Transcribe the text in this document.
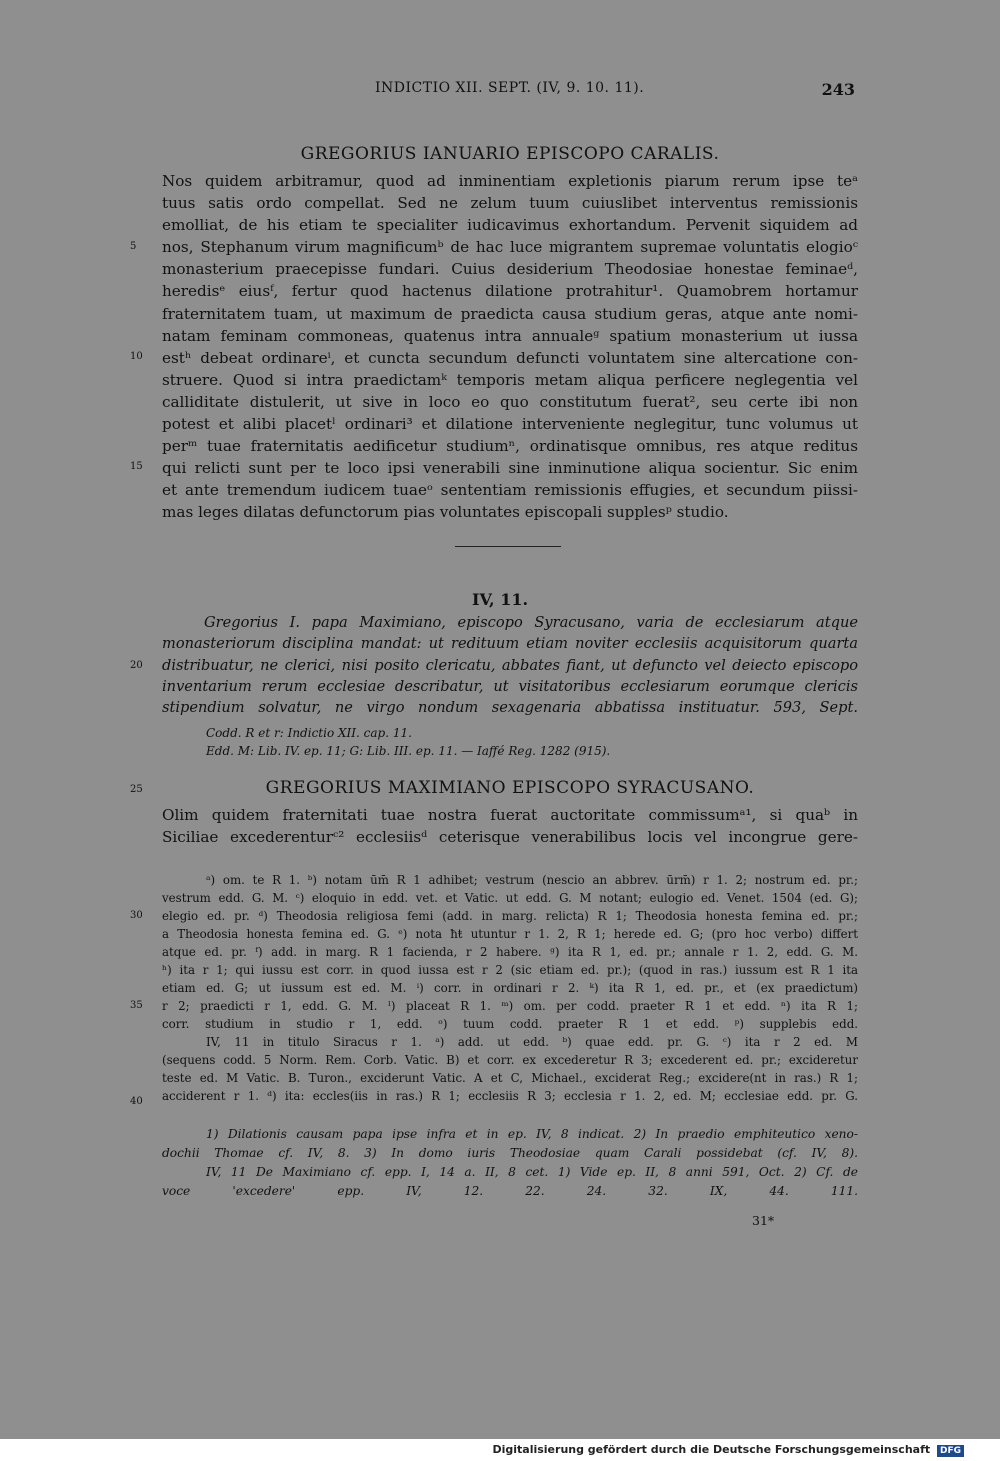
INDICTIO XII. SEPT. (IV, 9. 10. 11).	243
GREGORIUS IANUARIO EPISCOPO CARALIS.
Nos quidem arbitramur, quod ad inminentiam expletionis piarum rerum ipse teᵃ
tuus satis ordo compellat. Sed ne zelum tuum cuiuslibet interventus remissionis
emolliat, de his etiam te specialiter iudicavimus exhortandum. Pervenit siquidem ad
nos, Stephanum virum magnificumᵇ de hac luce migrantem supremae voluntatis elogioᶜ
monasterium praecepisse fundari. Cuius desiderium Theodosiae honestae feminaeᵈ,
heredisᵉ eiusᶠ, fertur quod hactenus dilatione protrahitur¹. Quamobrem hortamur
fraternitatem tuam, ut maximum de praedicta causa studium geras, atque ante nomi-
natam feminam commoneas, quatenus intra annualeᵍ spatium monasterium ut iussa
estʰ debeat ordinareⁱ, et cuncta secundum defuncti voluntatem sine altercatione con-
struere. Quod si intra praedictamᵏ temporis metam aliqua perficere neglegentia vel
calliditate distulerit, ut sive in loco eo quo constitutum fuerat², seu certe ibi non
potest et alibi placetˡ ordinari³ et dilatione interveniente neglegitur, tunc volumus ut
perᵐ tuae fraternitatis aedificetur studiumⁿ, ordinatisque omnibus, res atque reditus
qui relicti sunt per te loco ipsi venerabili sine inminutione aliqua socientur. Sic enim
et ante tremendum iudicem tuaeᵒ sententiam remissionis effugies, et secundum piissi-
mas leges dilatas defunctorum pias voluntates episcopali supplesᵖ studio.
5
10
15
IV, 11.
Gregorius I. papa Maximiano, episcopo Syracusano, varia de ecclesiarum atque
monasteriorum disciplina mandat: ut redituum etiam noviter ecclesiis acquisitorum quarta
distribuatur, ne clerici, nisi posito clericatu, abbates fiant, ut defuncto vel deiecto episcopo
inventarium rerum ecclesiae describatur, ut visitatoribus ecclesiarum eorumque clericis
stipendium solvatur, ne virgo nondum sexagenaria abbatissa instituatur. 593, Sept.
Codd. R et r: Indictio XII. cap. 11.
Edd. M: Lib. IV. ep. 11; G: Lib. III. ep. 11. — Iaffé Reg. 1282 (915).
20
25	GREGORIUS MAXIMIANO EPISCOPO SYRACUSANO.
Olim quidem fraternitati tuae nostra fuerat auctoritate commissumᵃ¹, si quaᵇ in
Siciliae excederenturᶜ² ecclesiisᵈ ceterisque venerabilibus locis vel incongrue gere-
ᵃ) om. te R 1. ᵇ) notam ūm̄ R 1 adhibet; vestrum (nescio an abbrev. ūrm̄) r 1. 2; nostrum ed. pr.;
vestrum edd. G. M. ᶜ) eloquio in edd. vet. et Vatic. ut edd. G. M notant; eulogio ed. Venet. 1504 (ed. G);
elegio ed. pr. ᵈ) Theodosia religiosa femi (add. in marg. relicta) R 1; Theodosia honesta femina ed. pr.;
a Theodosia honesta femina ed. G. ᵉ) nota ħŧ utuntur r 1. 2, R 1; herede ed. G; (pro hoc verbo) differt
atque ed. pr. ᶠ) add. in marg. R 1 facienda, r 2 habere. ᵍ) ita R 1, ed. pr.; annale r 1. 2, edd. G. M.
ʰ) ita r 1; qui iussu est corr. in quod iussa est r 2 (sic etiam ed. pr.); (quod in ras.) iussum est R 1 ita
etiam ed. G; ut iussum est ed. M. ⁱ) corr. in ordinari r 2. ᵏ) ita R 1, ed. pr., et (ex praedictum)
r 2; praedicti r 1, edd. G. M. ˡ) placeat R 1. ᵐ) om. per codd. praeter R 1 et edd. ⁿ) ita R 1;
corr. studium in studio r 1, edd. ᵒ) tuum codd. praeter R 1 et edd. ᵖ) supplebis edd.
IV, 11 in titulo Siracus r 1. ᵃ) add. ut edd. ᵇ) quae edd. pr. G. ᶜ) ita r 2 ed. M
(sequens codd. 5 Norm. Rem. Corb. Vatic. B) et corr. ex excederetur R 3; excederent ed. pr.; excideretur
teste ed. M Vatic. B. Turon., exciderunt Vatic. A et C, Michael., exciderat Reg.; excidere(nt in ras.) R 1;
acciderent r 1. ᵈ) ita: eccles(iis in ras.) R 1; ecclesiis R 3; ecclesia r 1. 2, ed. M; ecclesiae edd. pr. G.
30
35
40
1) Dilationis causam papa ipse infra et in ep. IV, 8 indicat. 2) In praedio emphiteutico xeno-
dochii Thomae cf. IV, 8. 3) In domo iuris Theodosiae quam Carali possidebat (cf. IV, 8).
IV, 11 De Maximiano cf. epp. I, 14 a. II, 8 cet. 1) Vide ep. II, 8 anni 591, Oct. 2) Cf. de
voce 'excedere' epp. IV, 12. 22. 24. 32. IX, 44. 111.
31*
Digitalisierung gefördert durch die Deutsche Forschungsgemeinschaft DFG
